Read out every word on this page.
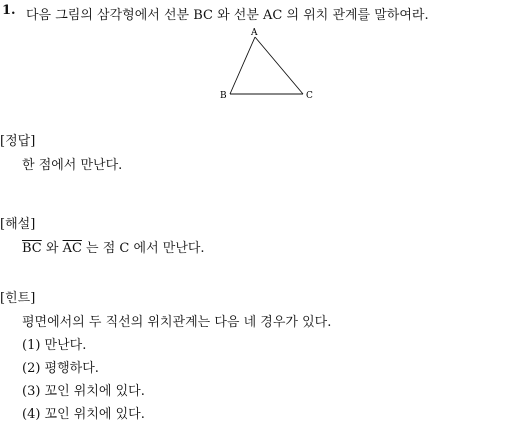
1. 다음 그림의 삼각형에서 선분 BC 와 선분 AC 의 위치 관계를 말하여라.
A
B	C
[정답]
한 점에서 만난다.
[해설]
$\overline{BC}$ 와 $\overline{AC}$ 는 점 C 에서 만난다.
[힌트]
평면에서의 두 직선의 위치관계는 다음 네 경우가 있다.
(1) 만난다.
(2) 평행하다.
(3) 꼬인 위치에 있다.
(4) 꼬인 위치에 있다.
